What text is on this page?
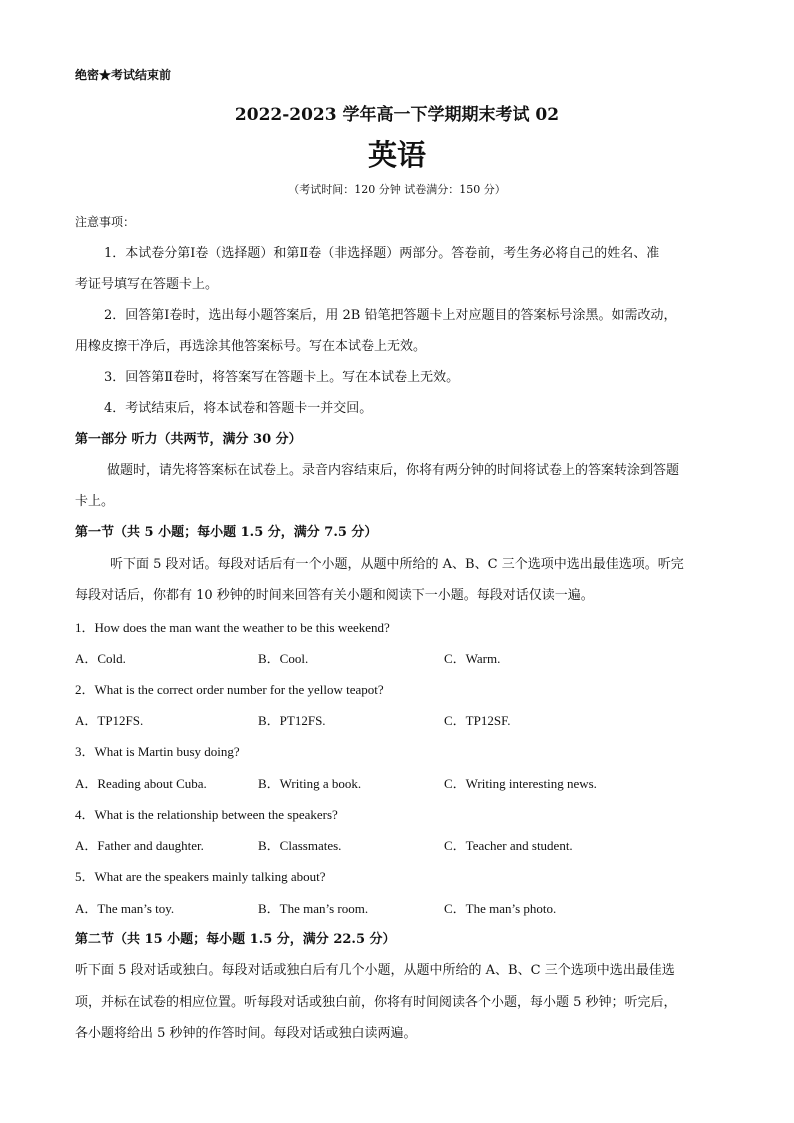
绝密★考试结束前
2022-2023 学年高一下学期期末考试 02
英语
（考试时间：120 分钟 试卷满分：150 分）
注意事项：
1．本试卷分第Ⅰ卷（选择题）和第Ⅱ卷（非选择题）两部分。答卷前，考生务必将自己的姓名、准
考证号填写在答题卡上。
2．回答第Ⅰ卷时，选出每小题答案后，用 2B 铅笔把答题卡上对应题目的答案标号涂黑。如需改动，
用橡皮擦干净后，再选涂其他答案标号。写在本试卷上无效。
3．回答第Ⅱ卷时，将答案写在答题卡上。写在本试卷上无效。
4．考试结束后，将本试卷和答题卡一并交回。
第一部分 听力（共两节，满分 30 分）
做题时，请先将答案标在试卷上。录音内容结束后，你将有两分钟的时间将试卷上的答案转涂到答题
卡上。
第一节（共 5 小题；每小题 1.5 分，满分 7.5 分）
听下面 5 段对话。每段对话后有一个小题，从题中所给的 A、B、C 三个选项中选出最佳选项。听完
每段对话后，你都有 10 秒钟的时间来回答有关小题和阅读下一小题。每段对话仅读一遍。
1．How does the man want the weather to be this weekend?
A．Cold.	B．Cool.	C．Warm.
2．What is the correct order number for the yellow teapot?
A．TP12FS.	B．PT12FS.	C．TP12SF.
3．What is Martin busy doing?
A．Reading about Cuba.	B．Writing a book.	C．Writing interesting news.
4．What is the relationship between the speakers?
A．Father and daughter.	B．Classmates.	C．Teacher and student.
5．What are the speakers mainly talking about?
A．The man’s toy.	B．The man’s room.	C．The man’s photo.
第二节（共 15 小题；每小题 1.5 分，满分 22.5 分）
听下面 5 段对话或独白。每段对话或独白后有几个小题，从题中所给的 A、B、C 三个选项中选出最佳选
项，并标在试卷的相应位置。听每段对话或独白前，你将有时间阅读各个小题，每小题 5 秒钟；听完后，
各小题将给出 5 秒钟的作答时间。每段对话或独白读两遍。
